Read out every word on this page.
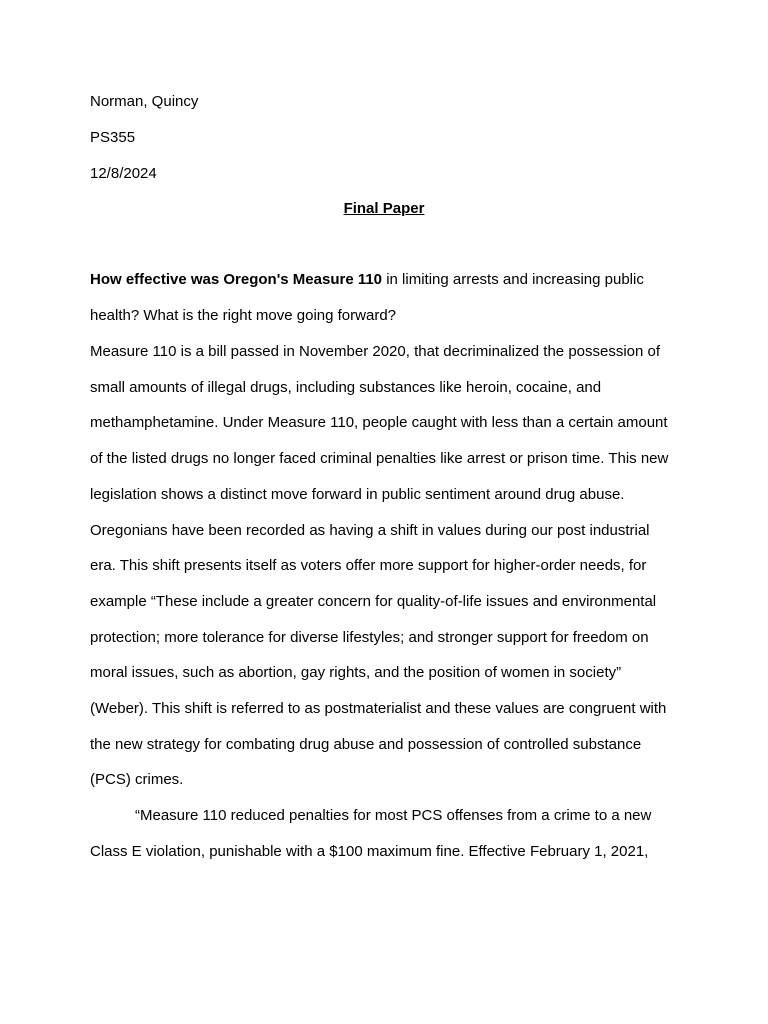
Norman, Quincy
PS355
12/8/2024
Final Paper
How effective was Oregon's Measure 110 in limiting arrests and increasing public
health? What is the right move going forward?
Measure 110 is a bill passed in November 2020, that decriminalized the possession of
small amounts of illegal drugs, including substances like heroin, cocaine, and
methamphetamine. Under Measure 110, people caught with less than a certain amount
of the listed drugs no longer faced criminal penalties like arrest or prison time. This new
legislation shows a distinct move forward in public sentiment around drug abuse.
Oregonians have been recorded as having a shift in values during our post industrial
era. This shift presents itself as voters offer more support for higher-order needs, for
example “These include a greater concern for quality-of-life issues and environmental
protection; more tolerance for diverse lifestyles; and stronger support for freedom on
moral issues, such as abortion, gay rights, and the position of women in society”
(Weber). This shift is referred to as postmaterialist and these values are congruent with
the new strategy for combating drug abuse and possession of controlled substance
(PCS) crimes.
“Measure 110 reduced penalties for most PCS offenses from a crime to a new
Class E violation, punishable with a $100 maximum fine. Effective February 1, 2021,
